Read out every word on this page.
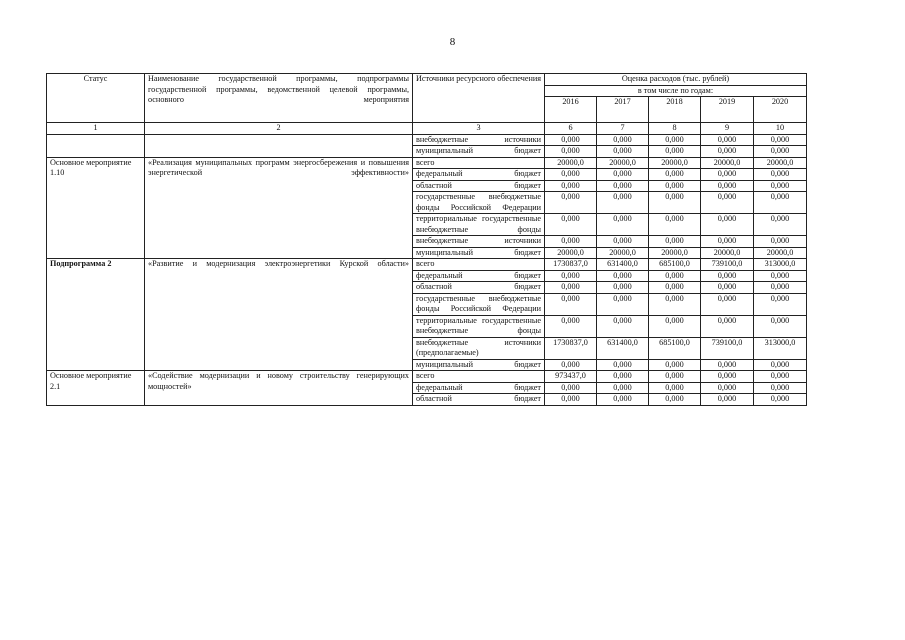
8
Статус	Наименование государственной программы, подпрограммы государственной программы, ведомственной целевой программы, основного мероприятия	Источники ресурсного обеспечения	Оценка расходов (тыс. рублей)				
			в том числе по годам:				
			2016	2017	2018	2019	2020
1	2	3	6	7	8	9	10
		внебюджетные источники	0,000	0,000	0,000	0,000	0,000
		муниципальный бюджет	0,000	0,000	0,000	0,000	0,000
Основное мероприятие 1.10	«Реализация муниципальных программ энергосбережения и повышения энергетической эффективности»	всего	20000,0	20000,0	20000,0	20000,0	20000,0
		федеральный бюджет	0,000	0,000	0,000	0,000	0,000
		областной бюджет	0,000	0,000	0,000	0,000	0,000
		государственные внебюджетные фонды Российской Федерации	0,000	0,000	0,000	0,000	0,000
		территориальные государственные внебюджетные фонды	0,000	0,000	0,000	0,000	0,000
		внебюджетные источники	0,000	0,000	0,000	0,000	0,000
		муниципальный бюджет	20000,0	20000,0	20000,0	20000,0	20000,0
Подпрограмма 2	«Развитие и модернизация электроэнергетики Курской области»	всего	1730837,0	631400,0	685100,0	739100,0	313000,0
		федеральный бюджет	0,000	0,000	0,000	0,000	0,000
		областной бюджет	0,000	0,000	0,000	0,000	0,000
		государственные внебюджетные фонды Российской Федерации	0,000	0,000	0,000	0,000	0,000
		территориальные государственные внебюджетные фонды	0,000	0,000	0,000	0,000	0,000
		внебюджетные источники (предполагаемые)	1730837,0	631400,0	685100,0	739100,0	313000,0
		муниципальный бюджет	0,000	0,000	0,000	0,000	0,000
Основное мероприятие 2.1	«Содействие модернизации и новому строительству генерирующих мощностей»	всего	973437,0	0,000	0,000	0,000	0,000
		федеральный бюджет	0,000	0,000	0,000	0,000	0,000
		областной бюджет	0,000	0,000	0,000	0,000	0,000
